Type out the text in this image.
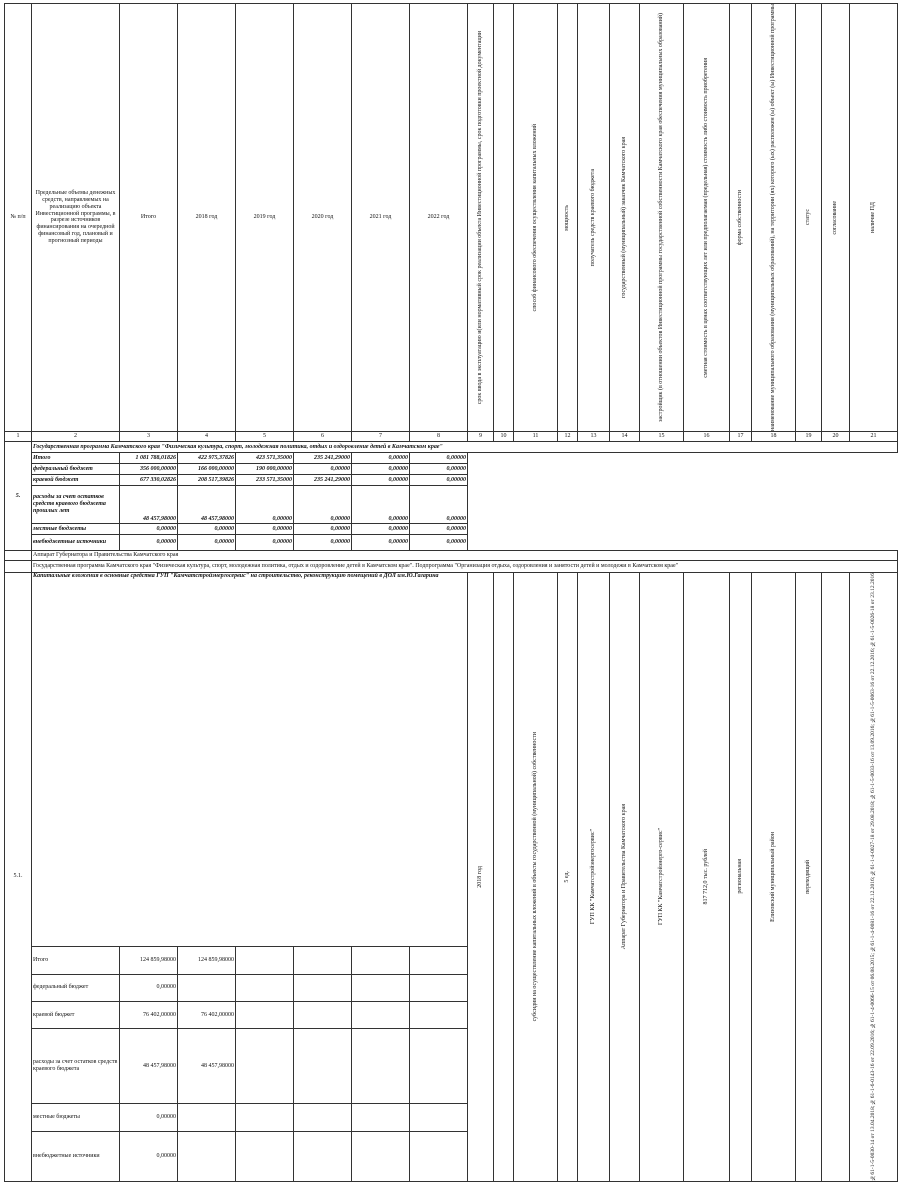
№ п/п	Предельные объемы денежных средств, направляемых на реализацию объекта Инвестиционной программы, в разрезе источников финансирования на очередной финансовый год, плановый и прогнозный периоды	Итого	2018 год	2019 год	2020 год	2021 год	2022 год	срок ввода в эксплуатацию и(или нормативный срок реализации объекта Инвестиционной программы, срок подготовки проектной документации		способ финансового обеспечения осуществления капитальных вложений	мощность	получатель средств краевого бюджета	государственный (муниципальный) заказчик Камчатского края	застройщик (в отношении объектов Инвестиционной программы государственной собственности Камчатского края обеспечения муниципальных образований)	сметная стоимость в ценах соответствующих лет или предполагаемая (предельная) стоимость либо стоимость приобретения	форма собственности	наименование муниципального образования (муниципальных образований), на территории (ях) которого (ых) расположен (ы) объект (ы) Инвестиционной программы	статус	согласование	наличие ПД

1	2	3	4	5	6	7	8	9	10	11	12	13	14	15	16	17	18	19	20	21
5.	Государственная программа Камчатского края "Физическая культура, спорт, молодежная политика, отдых и оздоровление детей в Камчатском крае"																			
	Итого	1 081 788,01826	422 975,37826	423 571,35000	235 241,29000	0,00000	0,00000													
	федеральный бюджет	356 000,00000	166 000,00000	190 000,00000	0,00000	0,00000	0,00000													
	краевой бюджет	677 330,02826	208 517,39826	233 571,35000	235 241,29000	0,00000	0,00000													
	расходы за счет остатков средств краевого бюджета прошлых лет	48 457,98000	48 457,98000	0,00000	0,00000	0,00000	0,00000													
	местные бюджеты	0,00000	0,00000	0,00000	0,00000	0,00000	0,00000													
	внебюджетные источники	0,00000	0,00000	0,00000	0,00000	0,00000	0,00000													
	Аппарат Губернатора и Правительства Камчатского края																			
	Государственная программа Камчатского края "Физическая культура, спорт, молодежная политика, отдых и оздоровление детей в Камчатском крае". Подпрограмма "Организация отдыха, оздоровления и занятости детей и молодежи в Камчатском крае"																			
5.1.	Капитальные вложения в основные средства ГУП "Камчатстройэнергосервис" на строительство, реконструкцию помещений в ДОЛ им.Ю.Гагарина							2018 год		субсидии на осуществление капитальных вложений в объекты государственной (муниципальной) собственности	5 ед.	ГУП КК "Камчатстройэнергосервис"	Аппарат Губернатора и Правительства Камчатского края	ГУП КК "Камчатстройэнерго-сервис"	817 712,0 тыс. рублей	региональная	Елизовский муниципальный район	переходящий		№61-1-5-0030-14 от 13.04.2018; №61-1-6-0143-16 от 22.09.2016; №61-1-4-0066-15 от 06.08.2015; №61-1-4-0081-16 от 22.12.2016; №61-1-4-0027-18 от 29.08.2018; №61-1-5-0033-16 от 13.09.2016; №61-1-5-0063-16 от 22.12.2016; №61-1-5-0026-18 от 23.12.2016

	Итого	124 859,98000	124 859,98000																	
	федеральный бюджет	0,00000																		
	краевой бюджет	76 402,00000	76 402,00000																	
	расходы за счет остатков средств краевого бюджета	48 457,98000	48 457,98000																	
	местные бюджеты	0,00000																		
	внебюджетные источники	0,00000																		
